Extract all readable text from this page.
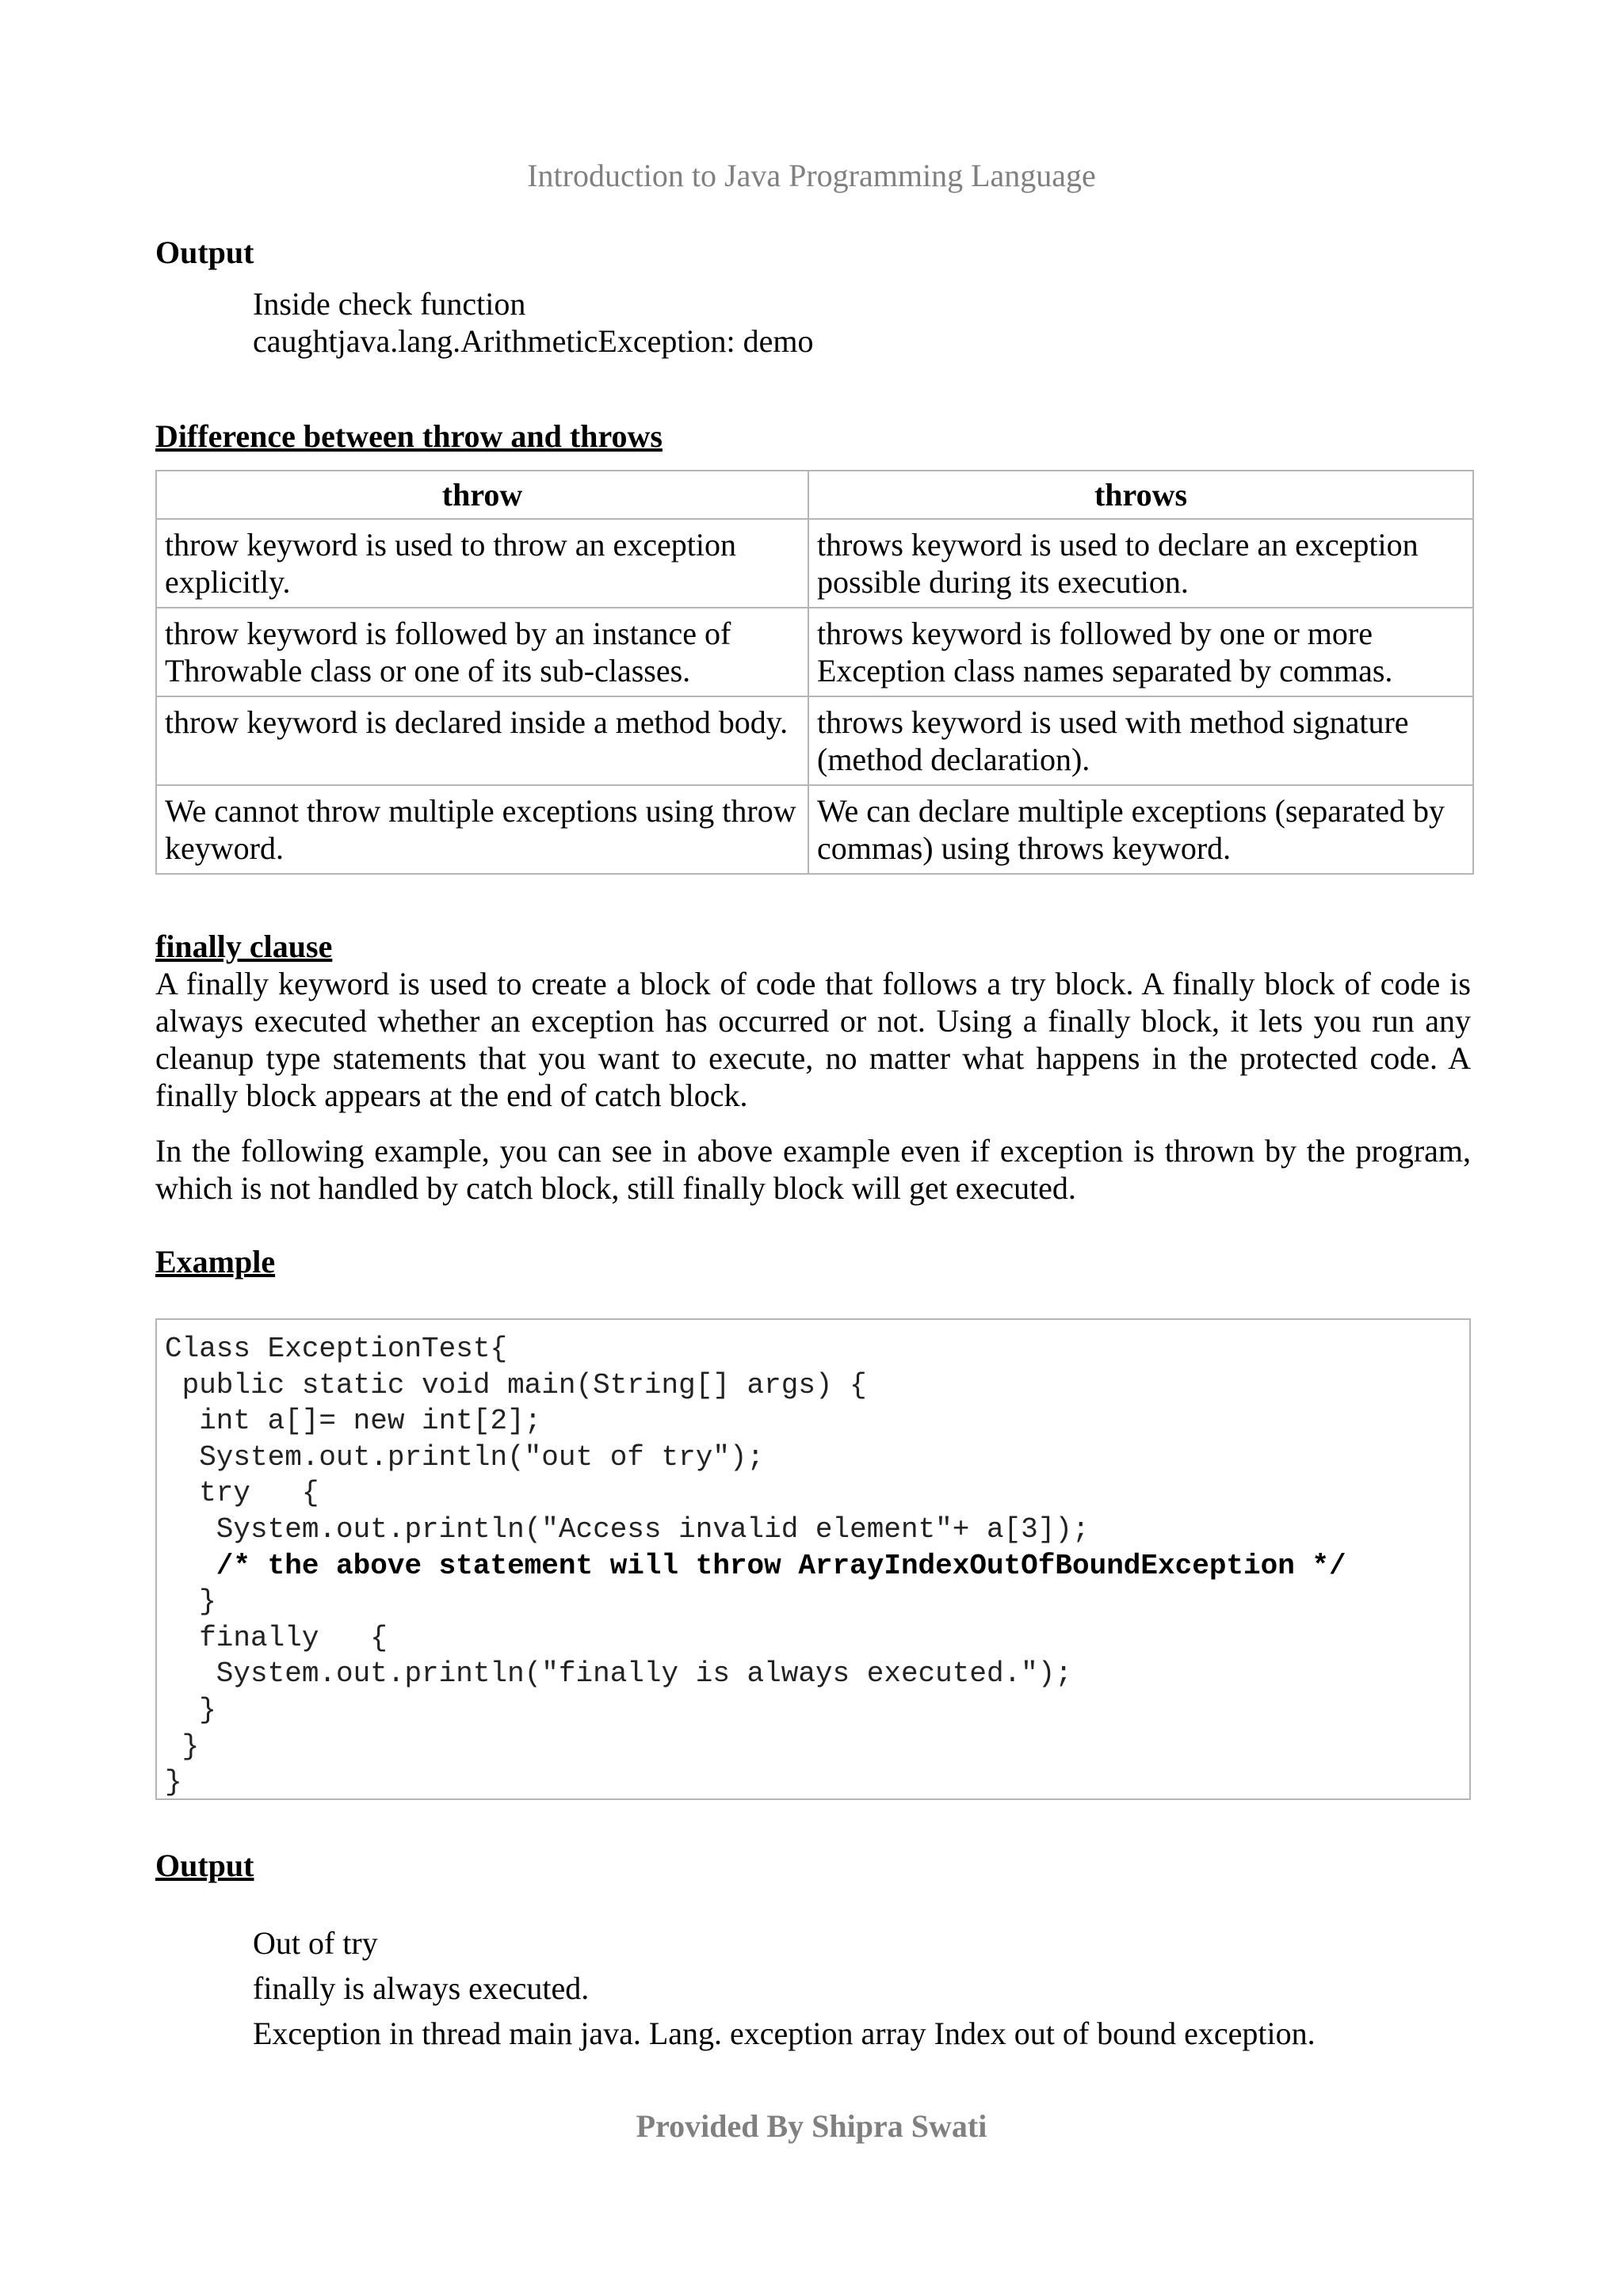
Introduction to Java Programming Language
Output
Inside check function
caughtjava.lang.ArithmeticException: demo
Difference between throw and throws
throw	throws
throw keyword is used to throw an exception explicitly.	throws keyword is used to declare an exception possible during its execution.
throw keyword is followed by an instance of Throwable class or one of its sub-classes.	throws keyword is followed by one or more Exception class names separated by commas.
throw keyword is declared inside a method body.	throws keyword is used with method signature (method declaration).
We cannot throw multiple exceptions using throw keyword.	We can declare multiple exceptions (separated by commas) using throws keyword.
finally clause

A finally keyword is used to create a block of code that follows a try block. A finally block of code is always executed whether an exception has occurred or not. Using a finally block, it lets you run any cleanup type statements that you want to execute, no matter what happens in the protected code. A finally block appears at the end of catch block.

In the following example, you can see in above example even if exception is thrown by the program, which is not handled by catch block, still finally block will get executed.

Example
Class ExceptionTest{
public static void main(String[] args) {
int a[]= new int[2];
System.out.println("out of try");
try   {
System.out.println("Access invalid element"+ a[3]);
/* the above statement will throw ArrayIndexOutOfBoundException */
}
finally   {
System.out.println("finally is always executed.");
}
}
}
Output
Out of try
finally is always executed.
Exception in thread main java. Lang. exception array Index out of bound exception.
Provided By Shipra Swati
